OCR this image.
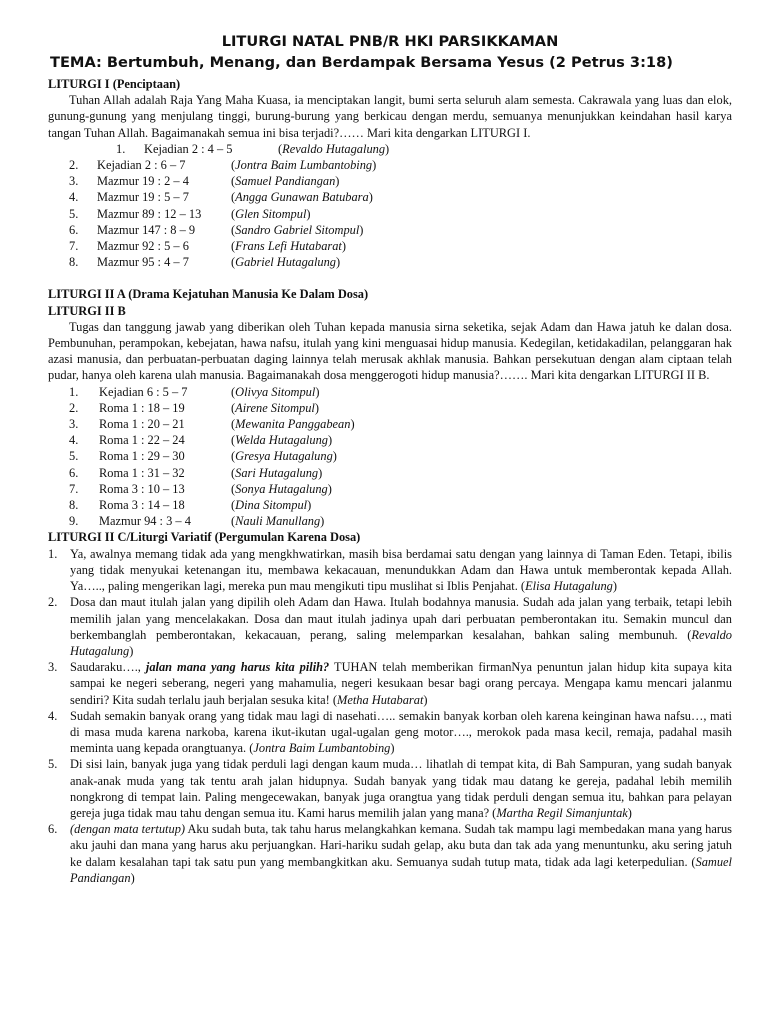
LITURGI NATAL PNB/R HKI PARSIKKAMAN
TEMA: Bertumbuh, Menang, dan Berdampak Bersama Yesus (2 Petrus 3:18)
LITURGI I (Penciptaan)

Tuhan Allah adalah Raja Yang Maha Kuasa, ia menciptakan langit, bumi serta seluruh alam semesta. Cakrawala yang luas dan elok, gunung-gunung yang menjulang tinggi, burung-burung yang berkicau dengan merdu, semuanya menunjukkan keindahan hasil karya tangan Tuhan Allah. Bagaimanakah semua ini bisa terjadi?…… Mari kita dengarkan LITURGI I.

1.	Kejadian 2 : 4 – 5	(Revaldo Hutagalung)
2.	Kejadian 2 : 6 – 7	(Jontra Baim Lumbantobing)
3.	Mazmur 19 : 2 – 4	(Samuel Pandiangan)
4.	Mazmur 19 : 5 – 7	(Angga Gunawan Batubara)
5.	Mazmur 89 : 12 – 13	(Glen Sitompul)
6.	Mazmur 147 : 8 – 9	(Sandro Gabriel Sitompul)
7.	Mazmur 92 : 5 – 6	(Frans Lefi Hutabarat)
8.	Mazmur 95 : 4 – 7	(Gabriel Hutagalung)
LITURGI II A (Drama Kejatuhan Manusia Ke Dalam Dosa)
LITURGI II B

Tugas dan tanggung jawab yang diberikan oleh Tuhan kepada manusia sirna seketika, sejak Adam dan Hawa jatuh ke dalan dosa. Pembunuhan, perampokan, kebejatan, hawa nafsu, itulah yang kini menguasai hidup manusia. Kedegilan, ketidakadilan, pelanggaran hak azasi manusia, dan perbuatan-perbuatan daging lainnya telah merusak akhlak manusia. Bahkan persekutuan dengan alam ciptaan telah pudar, hanya oleh karena ulah manusia. Bagaimanakah dosa menggerogoti hidup manusia?……. Mari kita dengarkan LITURGI II B.

1.	Kejadian 6 : 5 – 7	(Olivya Sitompul)
2.	Roma 1 : 18 – 19	(Airene Sitompul)
3.	Roma 1 : 20 – 21	(Mewanita Panggabean)
4.	Roma 1 : 22 – 24	(Welda Hutagalung)
5.	Roma 1 : 29 – 30	(Gresya Hutagalung)
6.	Roma 1 : 31 – 32	(Sari Hutagalung)
7.	Roma 3 : 10 – 13	(Sonya Hutagalung)
8.	Roma 3 : 14 – 18	(Dina Sitompul)
9.	Mazmur 94 : 3 – 4	(Nauli Manullang)
LITURGI II C/Liturgi Variatif (Pergumulan Karena Dosa)
1.	Ya, awalnya memang tidak ada yang mengkhwatirkan, masih bisa berdamai satu dengan yang lainnya di Taman Eden. Tetapi, ibilis yang tidak menyukai ketenangan itu, membawa kekacauan, menundukkan Adam dan Hawa untuk memberontak kepada Allah. Ya….., paling mengerikan lagi, mereka pun mau mengikuti tipu muslihat si Iblis Penjahat. (Elisa Hutagalung)
2.	Dosa dan maut itulah jalan yang dipilih oleh Adam dan Hawa. Itulah bodahnya manusia. Sudah ada jalan yang terbaik, tetapi lebih memilih jalan yang mencelakakan. Dosa dan maut itulah jadinya upah dari perbuatan pemberontakan itu. Semakin muncul dan berkembanglah pemberontakan, kekacauan, perang, saling melemparkan kesalahan, bahkan saling membunuh. (Revaldo Hutagalung)
3.	Saudaraku…., jalan mana yang harus kita pilih? TUHAN telah memberikan firmanNya penuntun jalan hidup kita supaya kita sampai ke negeri seberang, negeri yang mahamulia, negeri kesukaan besar bagi orang percaya. Mengapa kamu mencari jalanmu sendiri? Kita sudah terlalu jauh berjalan sesuka kita! (Metha Hutabarat)
4.	Sudah semakin banyak orang yang tidak mau lagi di nasehati….. semakin banyak korban oleh karena keinginan hawa nafsu…, mati di masa muda karena narkoba, karena ikut-ikutan ugal-ugalan geng motor…., merokok pada masa kecil, remaja, padahal masih meminta uang kepada orangtuanya. (Jontra Baim Lumbantobing)
5.	Di sisi lain, banyak juga yang tidak perduli lagi dengan kaum muda… lihatlah di tempat kita, di Bah Sampuran, yang sudah banyak anak-anak muda yang tak tentu arah jalan hidupnya. Sudah banyak yang tidak mau datang ke gereja, padahal lebih memilih nongkrong di tempat lain. Paling mengecewakan, banyak juga orangtua yang tidak perduli dengan semua itu, bahkan para pelayan gereja juga tidak mau tahu dengan semua itu. Kami harus memilih jalan yang mana? (Martha Regil Simanjuntak)
6.	(dengan mata tertutup) Aku sudah buta, tak tahu harus melangkahkan kemana. Sudah tak mampu lagi membedakan mana yang harus aku jauhi dan mana yang harus aku perjuangkan. Hari-hariku sudah gelap, aku buta dan tak ada yang menuntunku, aku sering jatuh ke dalam kesalahan tapi tak satu pun yang membangkitkan aku. Semuanya sudah tutup mata, tidak ada lagi keterpedulian. (Samuel Pandiangan)
